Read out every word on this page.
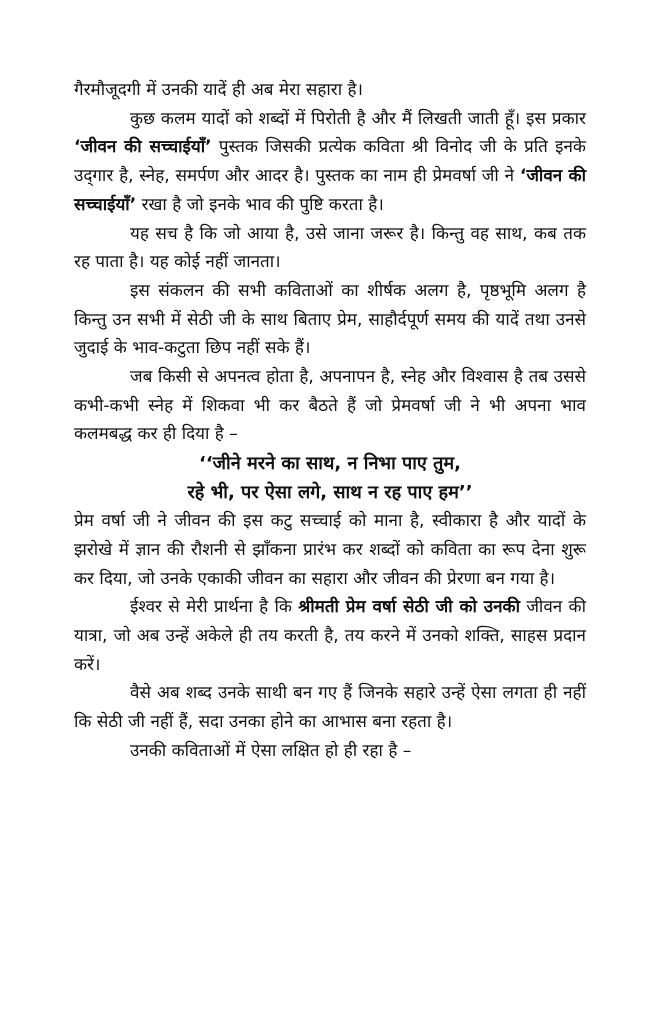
गैरमौजूदगी में उनकी यादें ही अब मेरा सहारा है।

कुछ कलम यादों को शब्दों में पिरोती है और मैं लिखती जाती हूँ। इस प्रकार ‘जीवन की सच्चाईयाँ’ पुस्तक जिसकी प्रत्येक कविता श्री विनोद जी के प्रति इनके उद्‌गार है, स्नेह, समर्पण और आदर है। पुस्तक का नाम ही प्रेमवर्षा जी ने ‘जीवन की सच्चाईयाँ’ रखा है जो इनके भाव की पुष्टि करता है।

यह सच है कि जो आया है, उसे जाना जरूर है। किन्तु वह साथ, कब तक रह पाता है। यह कोई नहीं जानता।

इस संकलन की सभी कविताओं का शीर्षक अलग है, पृष्ठभूमि अलग है किन्तु उन सभी में सेठी जी के साथ बिताए प्रेम, साहौर्दपूर्ण समय की यादें तथा उनसे जुदाई के भाव-कटुता छिप नहीं सके हैं।

जब किसी से अपनत्व होता है, अपनापन है, स्नेह और विश्वास है तब उससे कभी-कभी स्नेह में शिकवा भी कर बैठते हैं जो प्रेमवर्षा जी ने भी अपना भाव कलमबद्ध कर ही दिया है –

‘‘जीने मरने का साथ, न निभा पाए तुम,

रहे भी, पर ऐसा लगे, साथ न रह पाए हम’’

प्रेम वर्षा जी ने जीवन की इस कटु सच्चाई को माना है, स्वीकारा है और यादों के झरोखे में ज्ञान की रौशनी से झाँकना प्रारंभ कर शब्दों को कविता का रूप देना शुरू कर दिया, जो उनके एकाकी जीवन का सहारा और जीवन की प्रेरणा बन गया है।

ईश्वर से मेरी प्रार्थना है कि श्रीमती प्रेम वर्षा सेठी जी को उनकी जीवन की यात्रा, जो अब उन्हें अकेले ही तय करती है, तय करने में उनको शक्ति, साहस प्रदान करें।

वैसे अब शब्द उनके साथी बन गए हैं जिनके सहारे उन्हें ऐसा लगता ही नहीं कि सेठी जी नहीं हैं, सदा उनका होने का आभास बना रहता है।

उनकी कविताओं में ऐसा लक्षित हो ही रहा है –
